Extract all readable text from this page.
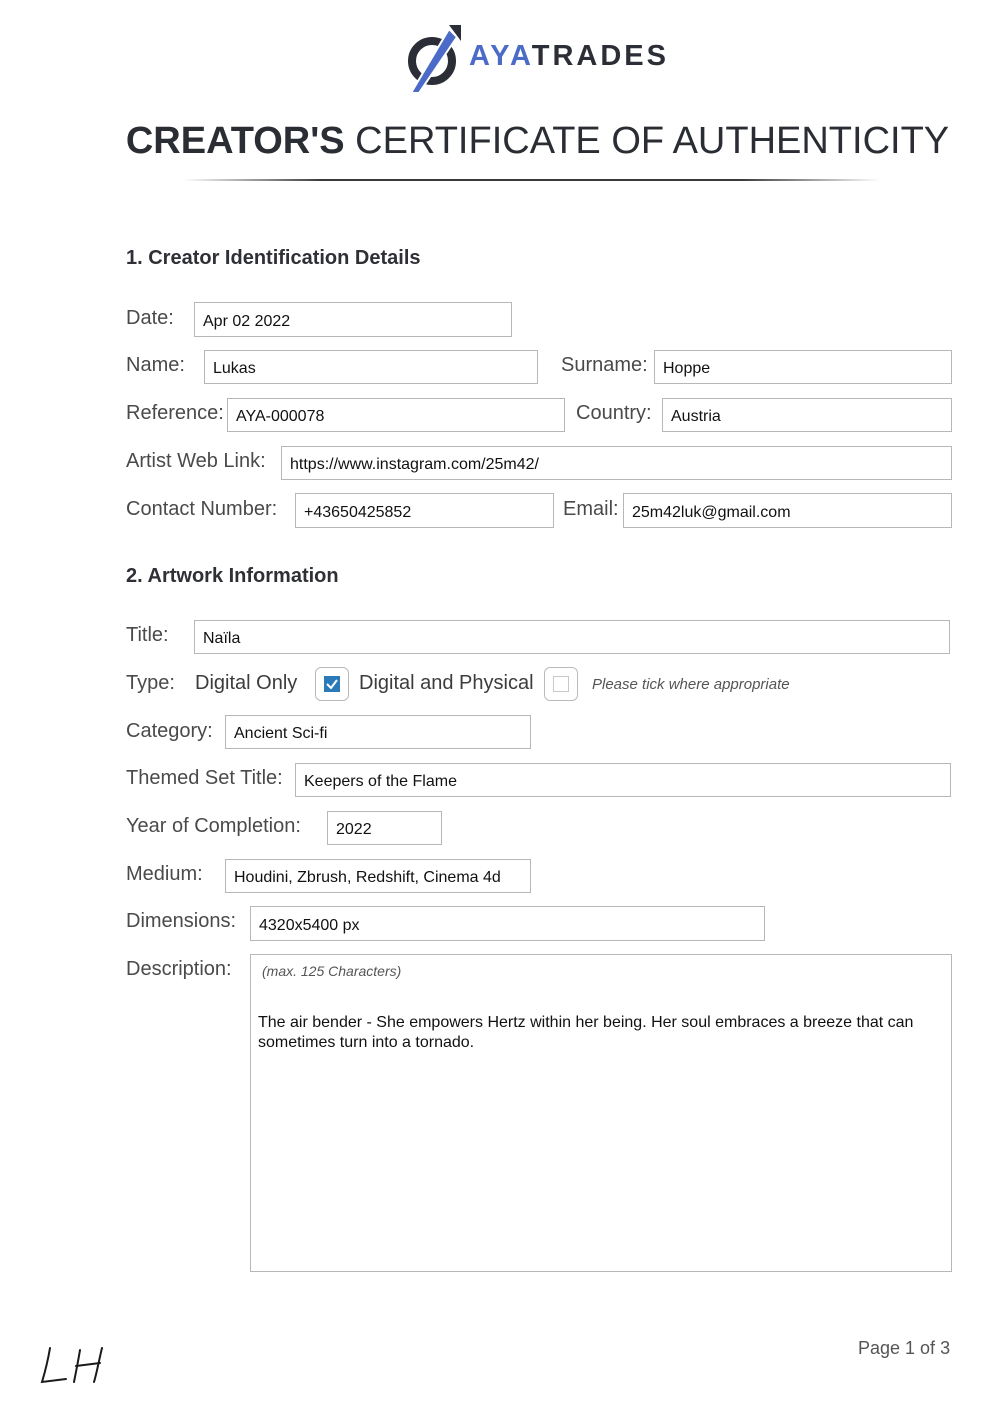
AYATRADES
CREATOR'S CERTIFICATE OF AUTHENTICITY
1. Creator Identification Details
Date:	Apr 02 2022
Name:	Lukas	Surname: Hoppe
Reference: AYA-000078	Country:	Austria
Artist Web Link:	https://www.instagram.com/25m42/
Contact Number:	+43650425852	Email: 25m42luk@gmail.com
2. Artwork Information
Title:	Naïla
Type: Digital Only	Digital and Physical	Please tick where appropriate
Category:	Ancient Sci-fi
Themed Set Title:	Keepers of the Flame
Year of Completion:	2022
Medium:	Houdini, Zbrush, Redshift, Cinema 4d
Dimensions:	4320x5400 px
Description: (max. 125 Characters)
The air bender - She empowers Hertz within her being. Her soul embraces a breeze that can sometimes turn into a tornado.
Page 1 of 3
